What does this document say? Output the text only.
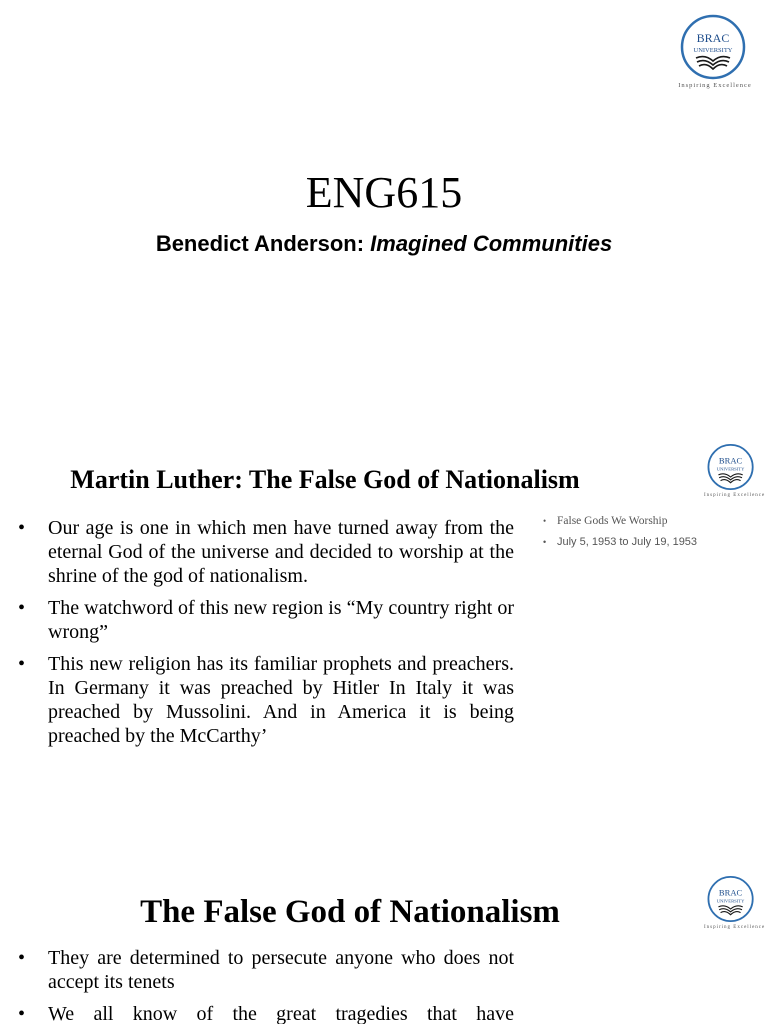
BRAC
UNIVERSITY
Inspiring Excellence
ENG615
Benedict Anderson: Imagined Communities
BRAC
UNIVERSITY
Inspiring Excellence
Martin Luther: The False God of Nationalism
•	Our age is one in which men have turned away from the eternal God of the universe and decided to worship at the shrine of the god of nationalism.
•	The watchword of this new region is “My country right or wrong”
•	This new religion has its familiar prophets and preachers. In Germany it was preached by Hitler In Italy it was preached by Mussolini. And in America it is being preached by the McCarthy’
• False Gods We Worship
• July 5, 1953 to July 19, 1953
BRAC
UNIVERSITY
Inspiring Excellence
The False God of Nationalism
•	They are determined to persecute anyone who does not accept its tenets
•	We all know of the great tragedies that have
